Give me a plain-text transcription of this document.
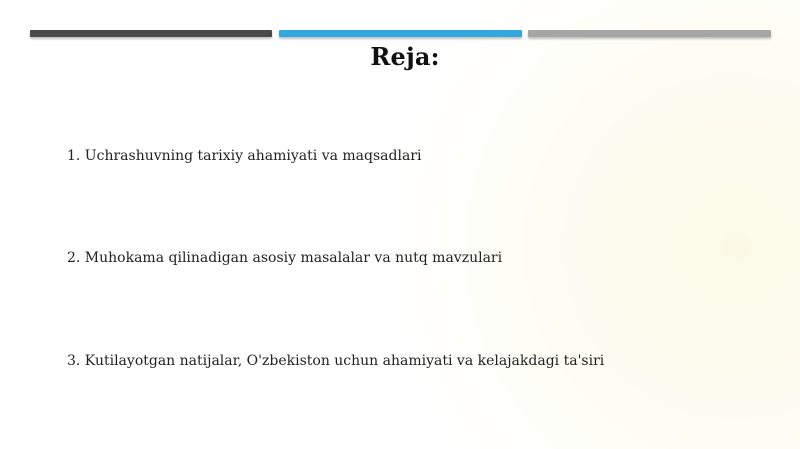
Reja:
1. Uchrashuvning tarixiy ahamiyati va maqsadlari
2. Muhokama qilinadigan asosiy masalalar va nutq mavzulari
3. Kutilayotgan natijalar, O'zbekiston uchun ahamiyati va kelajakdagi ta'siri
